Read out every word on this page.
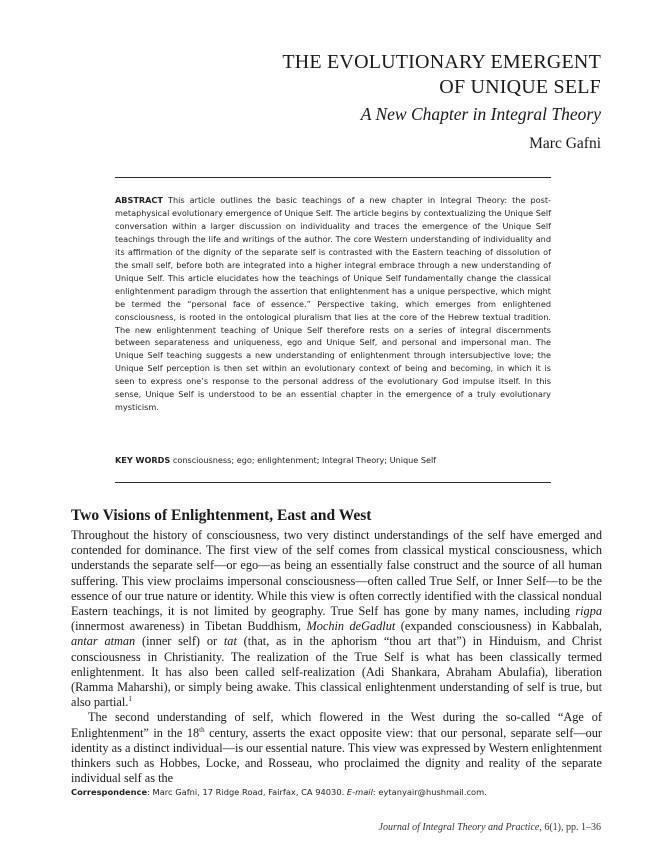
THE EVOLUTIONARY EMERGENT
OF UNIQUE SELF
A New Chapter in Integral Theory
Marc Gafni
ABSTRACT This article outlines the basic teachings of a new chapter in Integral Theory: the post-metaphysical evolutionary emergence of Unique Self. The article begins by contextualizing the Unique Self conversation within a larger discussion on individuality and traces the emergence of the Unique Self teachings through the life and writings of the author. The core Western understanding of individuality and its affirmation of the dignity of the separate self is contrasted with the Eastern teaching of dissolution of the small self, before both are integrated into a higher integral embrace through a new understanding of Unique Self. This article elucidates how the teachings of Unique Self fundamentally change the classical enlightenment paradigm through the assertion that enlightenment has a unique perspective, which might be termed the “personal face of essence.” Perspective taking, which emerges from enlightened consciousness, is rooted in the ontological pluralism that lies at the core of the Hebrew textual tradition. The new enlightenment teaching of Unique Self therefore rests on a series of integral discernments between separateness and uniqueness, ego and Unique Self, and personal and impersonal man. The Unique Self teaching suggests a new understanding of enlightenment through intersubjective love; the Unique Self perception is then set within an evolutionary context of being and becoming, in which it is seen to express one’s response to the personal address of the evolutionary God impulse itself. In this sense, Unique Self is understood to be an essential chapter in the emergence of a truly evolutionary mysticism.
KEY WORDS consciousness; ego; enlightenment; Integral Theory; Unique Self
Two Visions of Enlightenment, East and West

Throughout the history of consciousness, two very distinct understandings of the self have emerged and contended for dominance. The first view of the self comes from classical mystical consciousness, which understands the separate self—or ego—as being an essentially false construct and the source of all human suffering. This view proclaims impersonal consciousness—often called True Self, or Inner Self—to be the essence of our true nature or identity. While this view is often correctly identified with the classical nondual Eastern teachings, it is not limited by geography. True Self has gone by many names, including rigpa (innermost awareness) in Tibetan Buddhism, Mochin deGadlut (expanded consciousness) in Kabbalah, antar atman (inner self) or tat (that, as in the aphorism “thou art that”) in Hinduism, and Christ consciousness in Christianity. The realization of the True Self is what has been classically termed enlightenment. It has also been called self-realization (Adi Shankara, Abraham Abulafia), liberation (Ramma Maharshi), or simply being awake. This classical enlightenment understanding of self is true, but also partial.$^1$

The second understanding of self, which flowered in the West during the so-called “Age of Enlightenment” in the 18th century, asserts the exact opposite view: that our personal, separate self—our identity as a distinct individual—is our essential nature. This view was expressed by Western enlightenment thinkers such as Hobbes, Locke, and Rosseau, who proclaimed the dignity and reality of the separate individual self as the

Correspondence: Marc Gafni, 17 Ridge Road, Fairfax, CA 94030. E-mail: eytanyair@hushmail.com.
Journal of Integral Theory and Practice, 6(1), pp. 1–36
